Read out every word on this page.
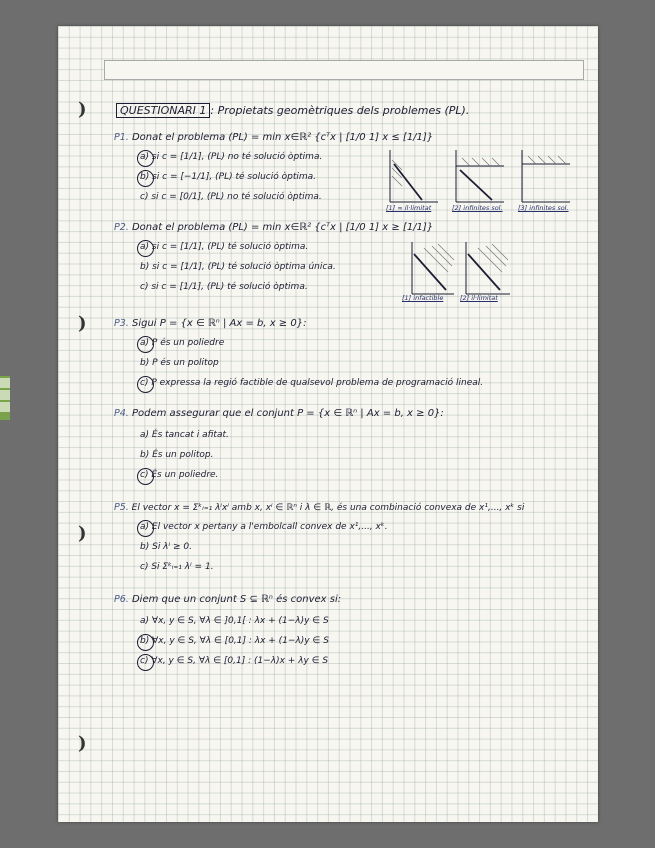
)
)
)
)
QUESTIONARI 1 : Propietats geomètriques dels problemes (PL).
P1. Donat el problema (PL) = min x∈ℝ² {cᵀx | [1/0 1] x ≤ [1/1]}
a) si c = [1/1], (PL) no té solució òptima.
b) si c = [−1/1], (PL) té solució òptima.
c) si c = [0/1], (PL) no té solució òptima.
[1] ∞ il·limitat	[2] infinites sol. [3] infinites sol.
P2. Donat el problema (PL) = min x∈ℝ² {cᵀx | [1/0 1] x ≥ [1/1]}
a) si c = [1/1], (PL) té solució òptima.
b) si c = [1/1], (PL) té solució òptima única.
c) si c = [1/1], (PL) té solució òptima.
[1] infactible	[2] il·limitat
P3. Sigui P = {x ∈ ℝⁿ | Ax = b, x ≥ 0}:
a) P és un poliedre
b) P és un politop
c) P expressa la regió factible de qualsevol problema de programació lineal.
P4. Podem assegurar que el conjunt P = {x ∈ ℝⁿ | Ax = b, x ≥ 0}:
a) És tancat i afitat.
b) És un politop.
c) És un poliedre.
P5. El vector x = Σᵏᵢ₌₁ λⁱxⁱ amb x, xⁱ ∈ ℝⁿ i λ ∈ ℝ, és una combinació convexa de x¹,..., xᵏ si
a) El vector x pertany a l'embolcall convex de x¹,..., xᵏ.
b) Si λⁱ ≥ 0.
c) Si Σᵏᵢ₌₁ λⁱ = 1.
P6. Diem que un conjunt S ⊆ ℝⁿ és convex si:
a) ∀x, y ∈ S, ∀λ ∈ ]0,1[ : λx + (1−λ)y ∈ S
b) ∀x, y ∈ S, ∀λ ∈ [0,1] : λx + (1−λ)y ∈ S
c) ∀x, y ∈ S, ∀λ ∈ [0,1] : (1−λ)x + λy ∈ S
